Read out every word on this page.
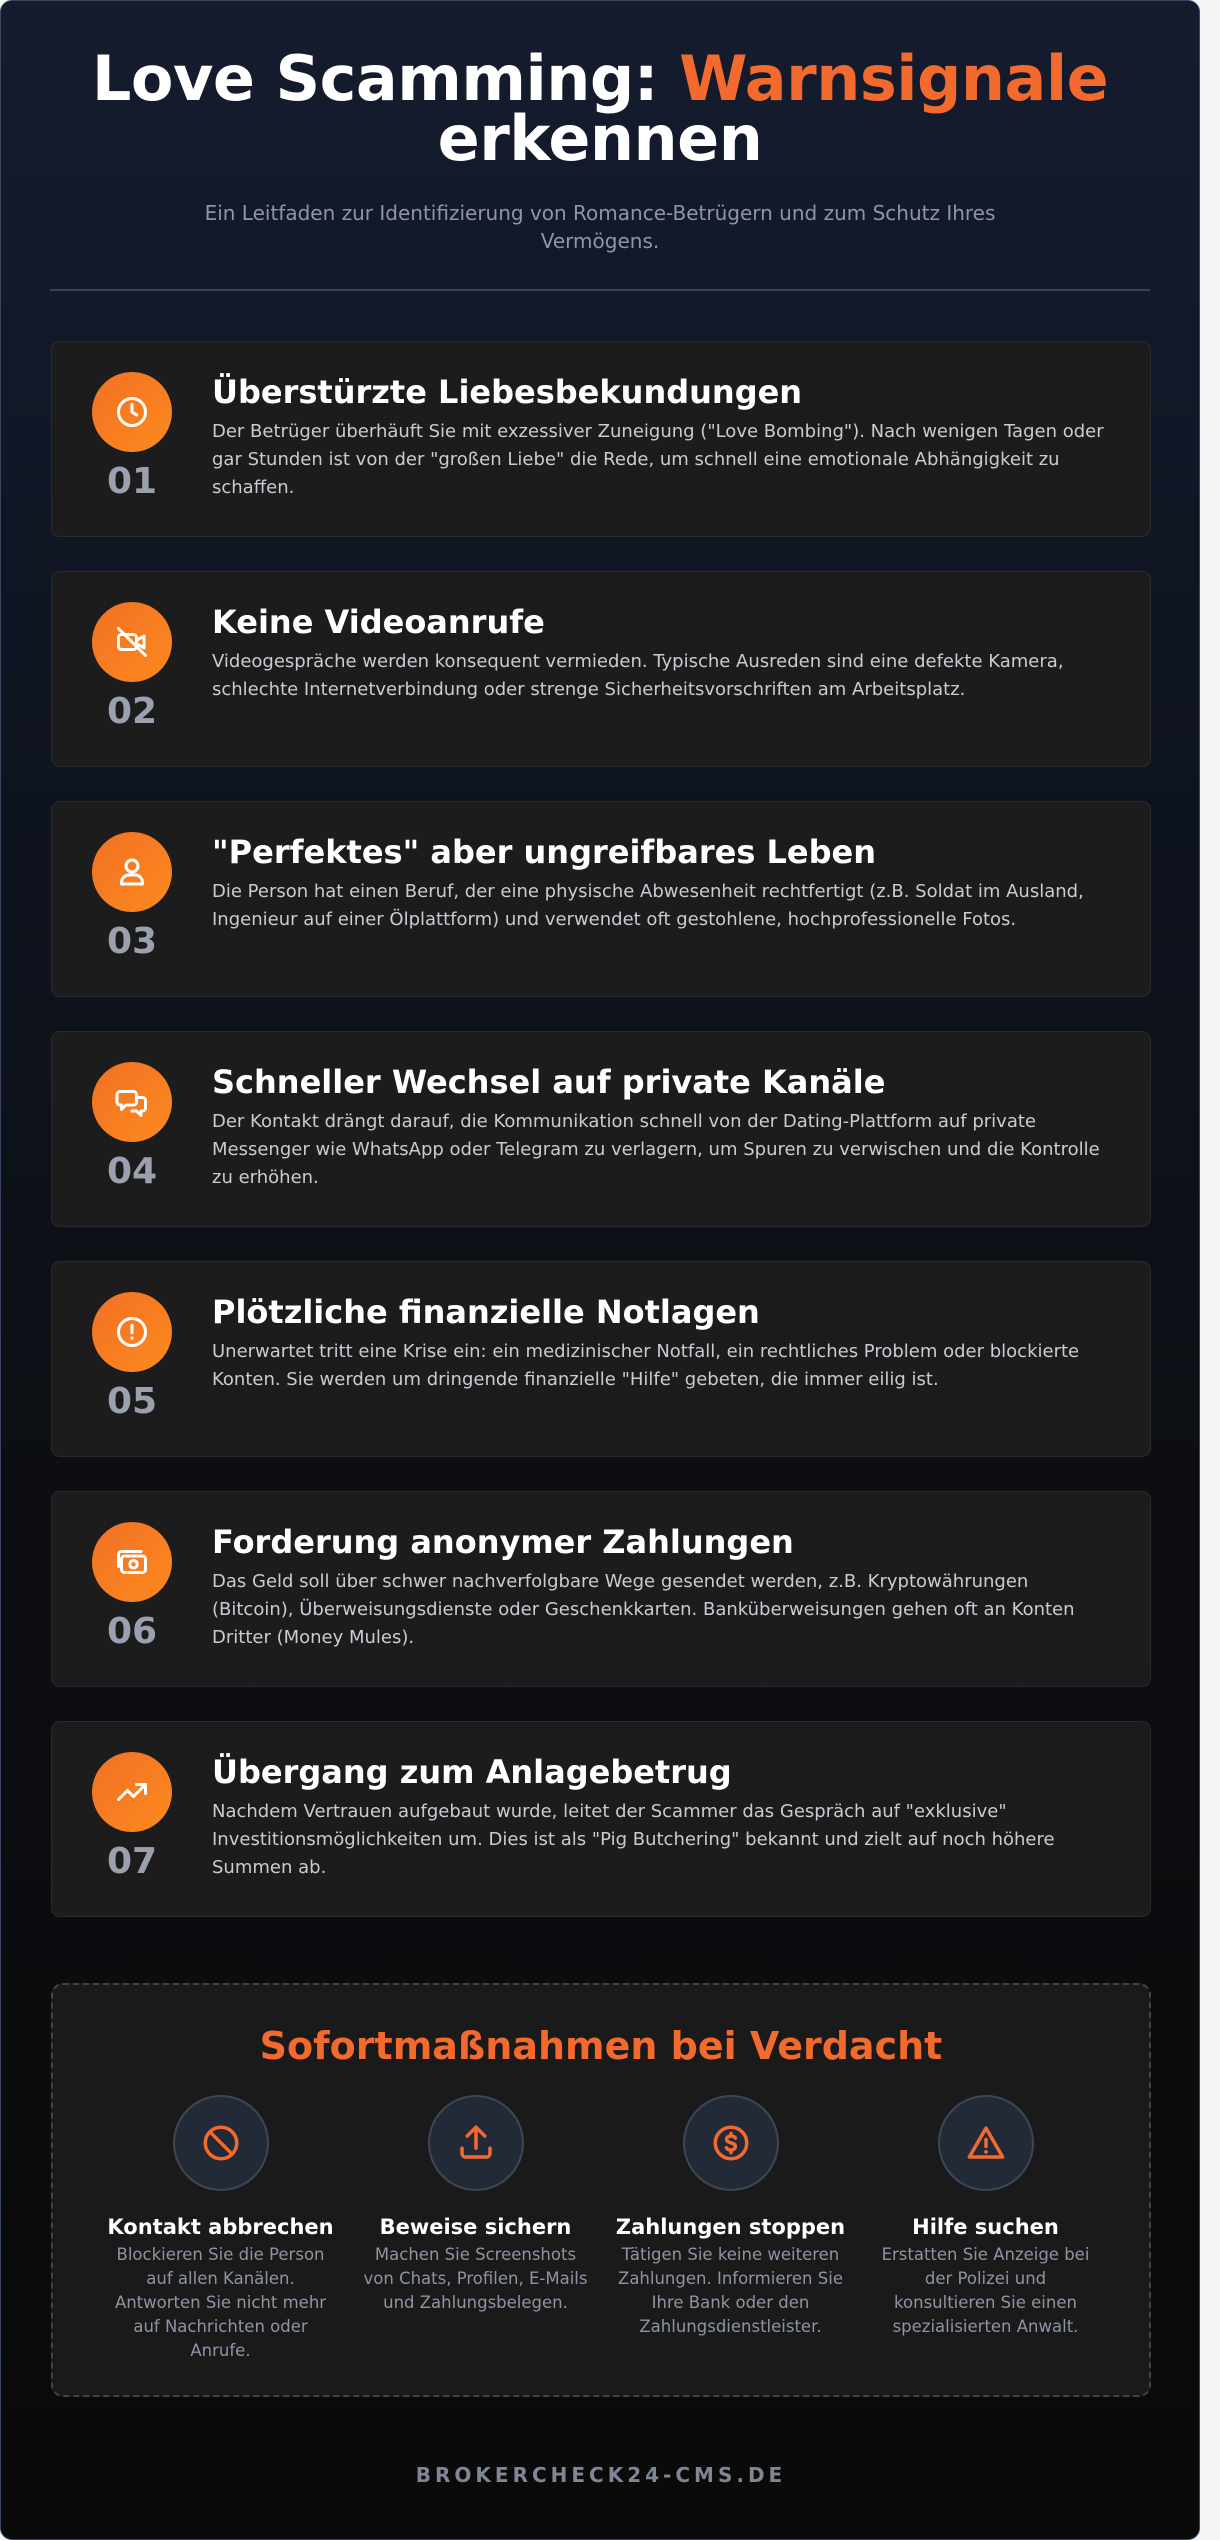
Love Scamming: Warnsignale
erkennen

Ein Leitfaden zur Identifizierung von Romance-Betrügern und zum Schutz Ihres Vermögens.

01
Überstürzte Liebesbekundungen

Der Betrüger überhäuft Sie mit exzessiver Zuneigung ("Love Bombing"). Nach wenigen Tagen oder gar Stunden ist von der "großen Liebe" die Rede, um schnell eine emotionale Abhängigkeit zu schaffen.

02
Keine Videoanrufe

Videogespräche werden konsequent vermieden. Typische Ausreden sind eine defekte Kamera, schlechte Internetverbindung oder strenge Sicherheitsvorschriften am Arbeitsplatz.

03
"Perfektes" aber ungreifbares Leben

Die Person hat einen Beruf, der eine physische Abwesenheit rechtfertigt (z.B. Soldat im Ausland, Ingenieur auf einer Ölplattform) und verwendet oft gestohlene, hochprofessionelle Fotos.

04
Schneller Wechsel auf private Kanäle

Der Kontakt drängt darauf, die Kommunikation schnell von der Dating-Plattform auf private Messenger wie WhatsApp oder Telegram zu verlagern, um Spuren zu verwischen und die Kontrolle zu erhöhen.

05
Plötzliche finanzielle Notlagen

Unerwartet tritt eine Krise ein: ein medizinischer Notfall, ein rechtliches Problem oder blockierte Konten. Sie werden um dringende finanzielle "Hilfe" gebeten, die immer eilig ist.

06
Forderung anonymer Zahlungen

Das Geld soll über schwer nachverfolgbare Wege gesendet werden, z.B. Kryptowährungen (Bitcoin), Überweisungsdienste oder Geschenkkarten. Banküberweisungen gehen oft an Konten Dritter (Money Mules).

07
Übergang zum Anlagebetrug

Nachdem Vertrauen aufgebaut wurde, leitet der Scammer das Gespräch auf "exklusive" Investitionsmöglichkeiten um. Dies ist als "Pig Butchering" bekannt und zielt auf noch höhere Summen ab.

Sofortmaßnahmen bei Verdacht
Kontakt abbrechen

Blockieren Sie die Person auf allen Kanälen. Antworten Sie nicht mehr auf Nachrichten oder Anrufe.

Beweise sichern

Machen Sie Screenshots von Chats, Profilen, E-Mails und Zahlungsbelegen.

Zahlungen stoppen

Tätigen Sie keine weiteren Zahlungen. Informieren Sie Ihre Bank oder den Zahlungsdienstleister.

Hilfe suchen

Erstatten Sie Anzeige bei der Polizei und konsultieren Sie einen spezialisierten Anwalt.

BROKERCHECK24-CMS.DE
